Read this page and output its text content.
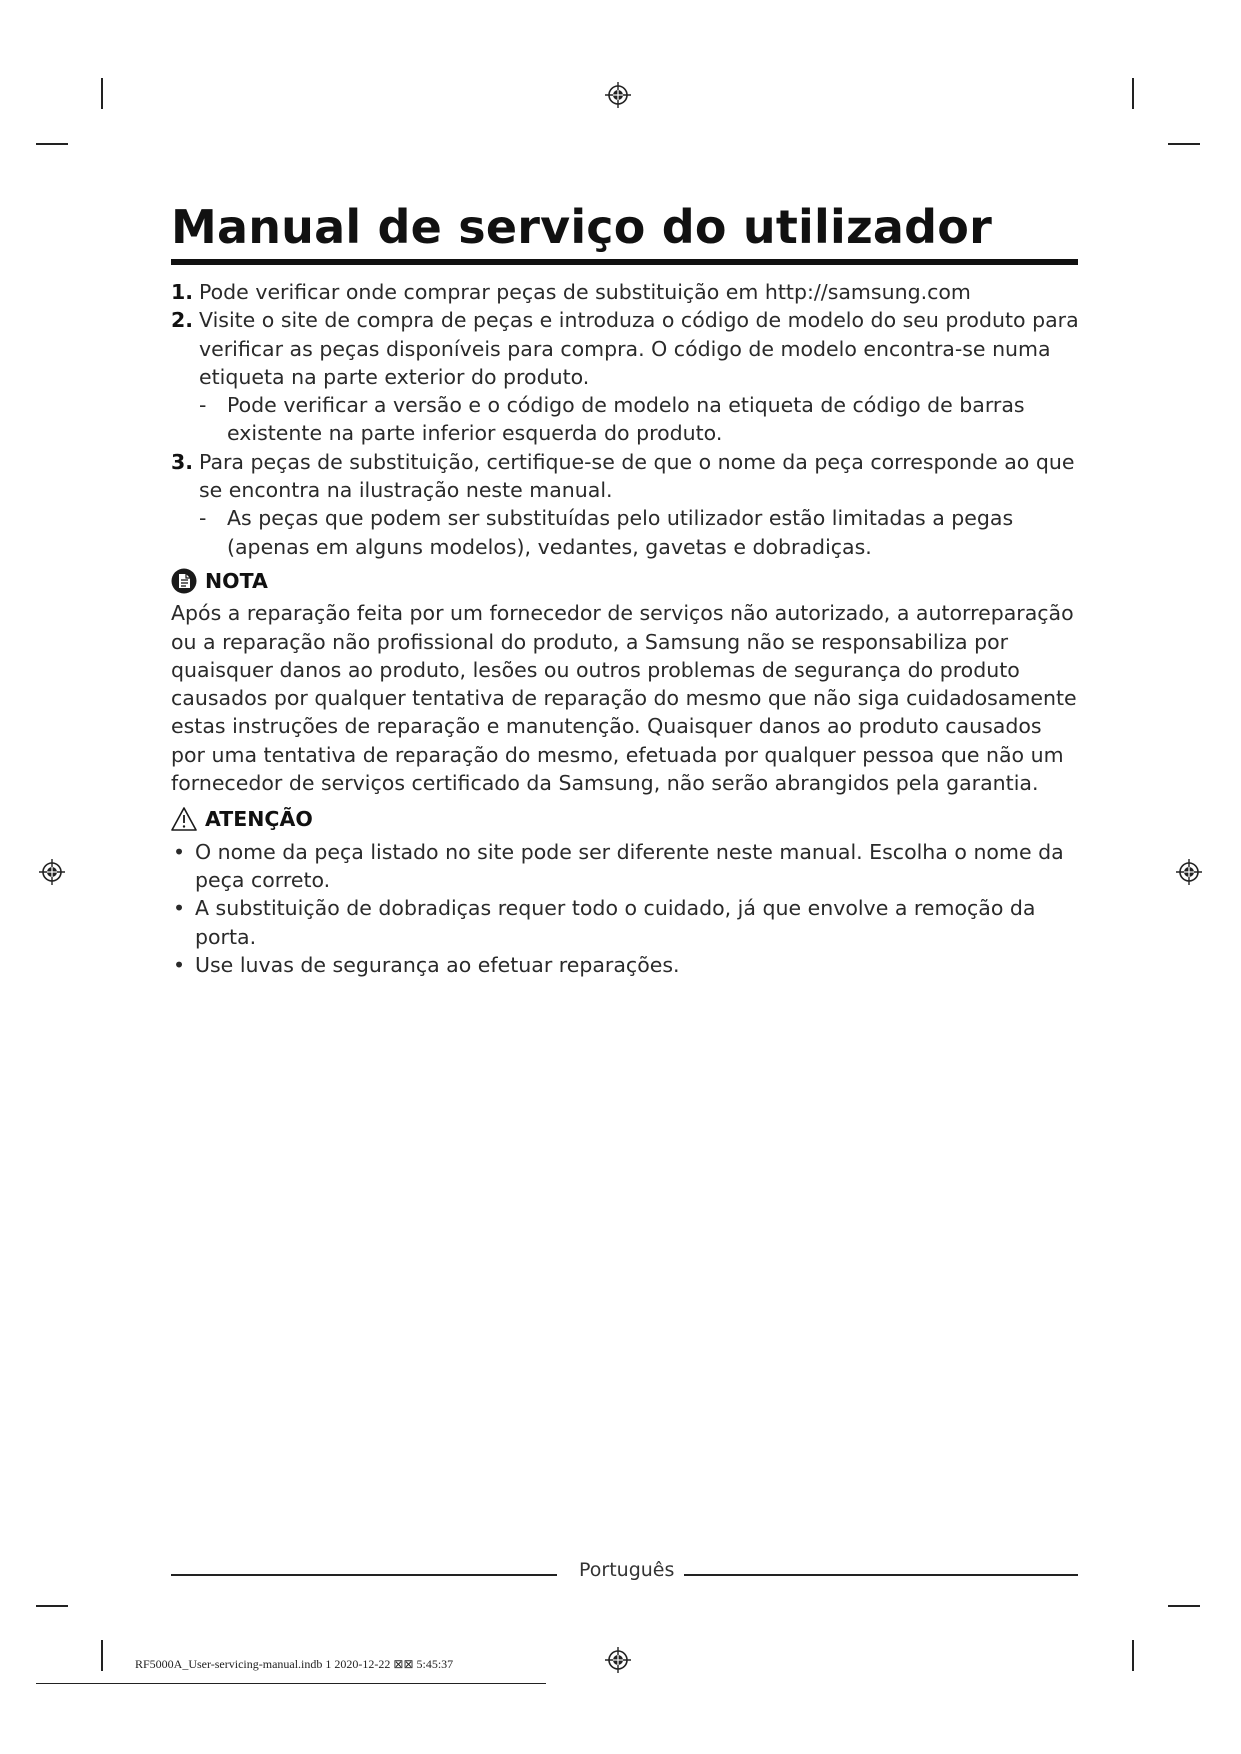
Manual de serviço do utilizador
1. Pode verificar onde comprar peças de substituição em http://samsung.com
2. Visite o site de compra de peças e introduza o código de modelo do seu produto para verificar as peças disponíveis para compra. O código de modelo encontra-se numa etiqueta na parte exterior do produto.
-	Pode verificar a versão e o código de modelo na etiqueta de código de barras existente na parte inferior esquerda do produto.
3. Para peças de substituição, certifique-se de que o nome da peça corresponde ao que se encontra na ilustração neste manual.
-	As peças que podem ser substituídas pelo utilizador estão limitadas a pegas (apenas em alguns modelos), vedantes, gavetas e dobradiças.
NOTA

Após a reparação feita por um fornecedor de serviços não autorizado, a autorreparação ou a reparação não profissional do produto, a Samsung não se responsabiliza por quaisquer danos ao produto, lesões ou outros problemas de segurança do produto causados por qualquer tentativa de reparação do mesmo que não siga cuidadosamente estas instruções de reparação e manutenção. Quaisquer danos ao produto causados por uma tentativa de reparação do mesmo, efetuada por qualquer pessoa que não um fornecedor de serviços certificado da Samsung, não serão abrangidos pela garantia.

ATENÇÃO
• O nome da peça listado no site pode ser diferente neste manual. Escolha o nome da peça correto.
• A substituição de dobradiças requer todo o cuidado, já que envolve a remoção da porta.
• Use luvas de segurança ao efetuar reparações.
Português
RF5000A_User-servicing-manual.indb 1 2020-12-22 ⊠⊠ 5:45:37
